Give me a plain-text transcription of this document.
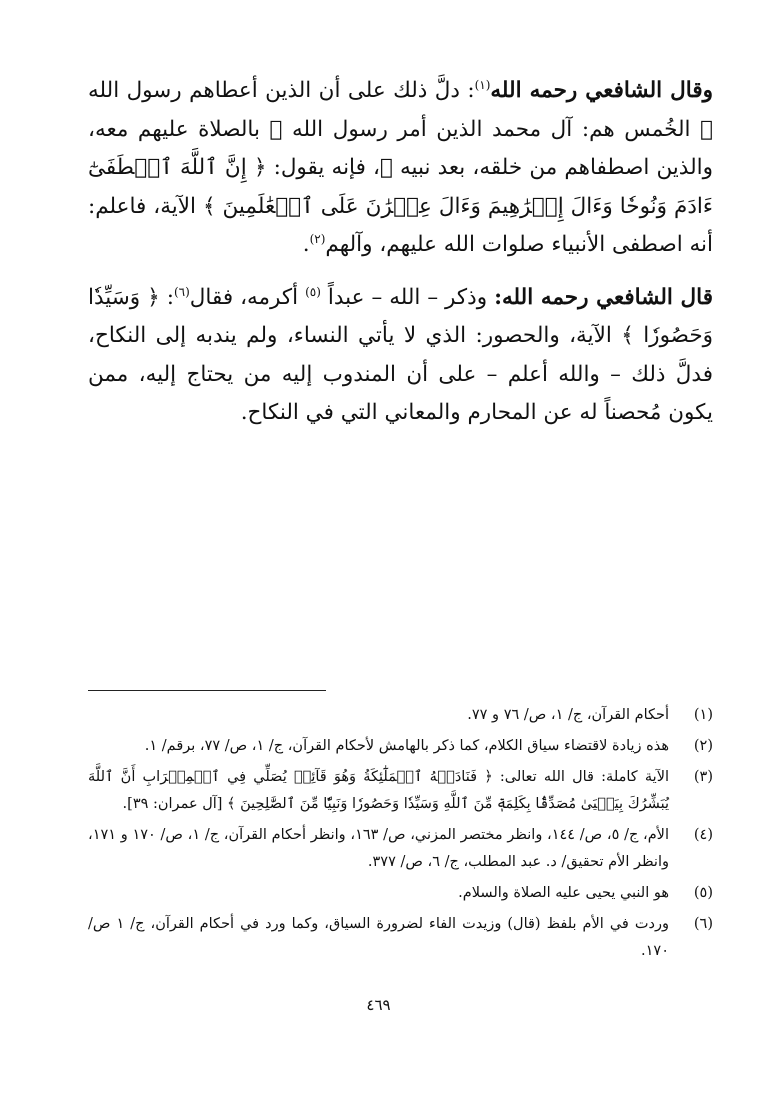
وقال الشافعي رحمه الله$^{(١)}$: دلَّ ذلك على أن الذين أعطاهم رسول الله ﷺ الخُمس هم: آل محمد الذين أمر رسول الله ﷺ بالصلاة عليهم معه، والذين اصطفاهم من خلقه، بعد نبيه ﷺ، فإنه يقول: ﴿ إِنَّ ٱللَّهَ ٱصۡطَفَىٰٓ ءَادَمَ وَنُوحٗا وَءَالَ إِبۡرَٰهِيمَ وَءَالَ عِمۡرَٰنَ عَلَى ٱلۡعَٰلَمِينَ ﴾ الآية، فاعلم: أنه اصطفى الأنبياء صلوات الله عليهم، وآلهم$^{(٢)}$.

قال الشافعي رحمه الله: وذكر – الله – عبداً $^{(٥)}$ أكرمه، فقال$^{(٦)}$: ﴿ وَسَيِّدٗا وَحَصُورٗا ﴾ الآية، والحصور: الذي لا يأتي النساء، ولم يندبه إلى النكاح، فدلَّ ذلك – والله أعلم – على أن المندوب إليه من يحتاج إليه، ممن يكون مُحصناً له عن المحارم والمعاني التي في النكاح.

(١)
أحكام القرآن، ج/ ١، ص/ ٧٦ و ٧٧.
(٢)
هذه زيادة لاقتضاء سياق الكلام، كما ذكر بالهامش لأحكام القرآن، ج/ ١، ص/ ٧٧، برقم/ ١.
(٣)
الآية كاملة: قال الله تعالى: ﴿ فَنَادَتۡهُ ٱلۡمَلَٰٓئِكَةُ وَهُوَ قَآئِمٞ يُصَلِّي فِي ٱلۡمِحۡرَابِ أَنَّ ٱللَّهَ يُبَشِّرُكَ بِيَحۡيَىٰ مُصَدِّقَۢا بِكَلِمَةٖ مِّنَ ٱللَّهِ وَسَيِّدٗا وَحَصُورٗا وَنَبِيّٗا مِّنَ ٱلصَّٰلِحِينَ ﴾ [آل عمران: ٣٩].
(٤)
الأم، ج/ ٥، ص/ ١٤٤، وانظر مختصر المزني، ص/ ١٦٣، وانظر أحكام القرآن، ج/ ١، ص/ ١٧٠ و ١٧١، وانظر الأم تحقيق/ د. عبد المطلب، ج/ ٦، ص/ ٣٧٧.
(٥)
هو النبي يحيى عليه الصلاة والسلام.
(٦)
وردت في الأم بلفظ (قال) وزيدت الفاء لضرورة السياق، وكما ورد في أحكام القرآن، ج/ ١ ص/ ١٧٠.
٤٦٩
